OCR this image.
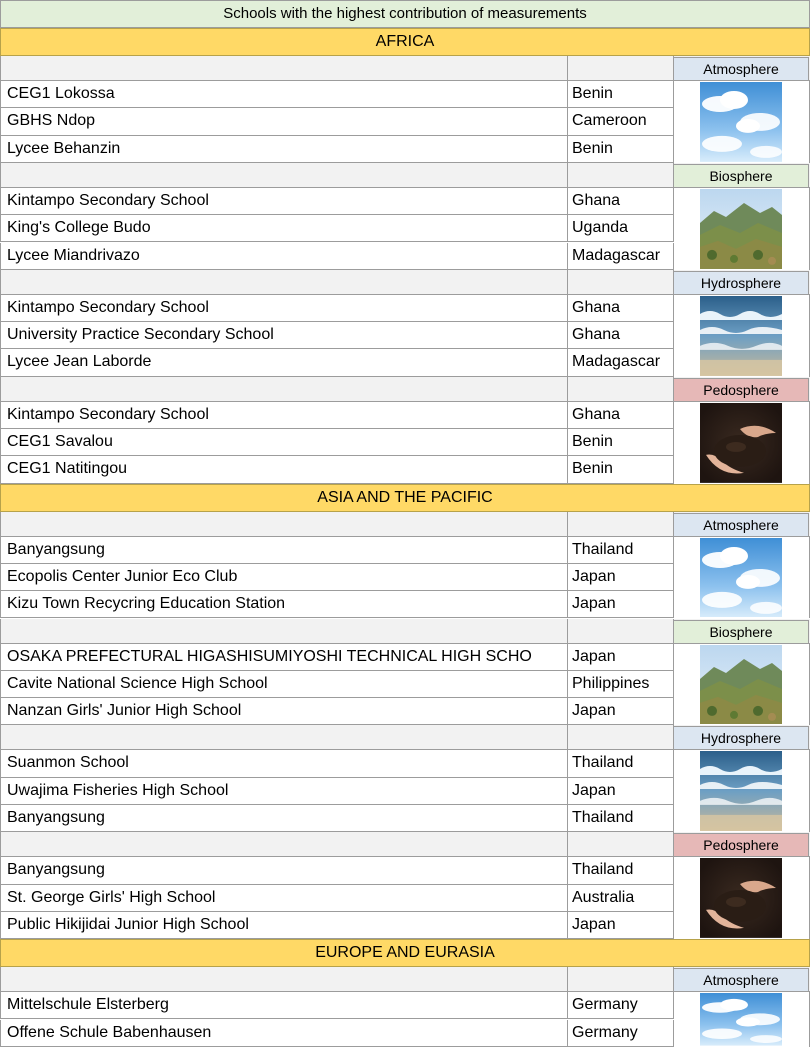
Schools with the highest contribution of measurements
AFRICA
Atmosphere
CEG1 Lokossa	Benin
GBHS Ndop	Cameroon
Lycee Behanzin	Benin
Biosphere
Kintampo Secondary School	Ghana
King's College Budo	Uganda
Lycee Miandrivazo	Madagascar
Hydrosphere
Kintampo Secondary School	Ghana
University Practice Secondary School	Ghana
Lycee Jean Laborde	Madagascar
Pedosphere
Kintampo Secondary School	Ghana
CEG1 Savalou	Benin
CEG1 Natitingou	Benin
ASIA AND THE PACIFIC
Atmosphere
Banyangsung	Thailand
Ecopolis Center Junior Eco Club	Japan
Kizu Town Recycring Education Station	Japan
Biosphere
OSAKA PREFECTURAL HIGASHISUMIYOSHI TECHNICAL HIGH SCHO	Japan
Cavite National Science High School	Philippines
Nanzan Girls' Junior High School	Japan
Hydrosphere
Suanmon School	Thailand
Uwajima Fisheries High School	Japan
Banyangsung	Thailand
Pedosphere
Banyangsung	Thailand
St. George Girls' High School	Australia
Public Hikijidai Junior High School	Japan
EUROPE AND EURASIA
Atmosphere
Mittelschule Elsterberg	Germany
Offene Schule Babenhausen	Germany
